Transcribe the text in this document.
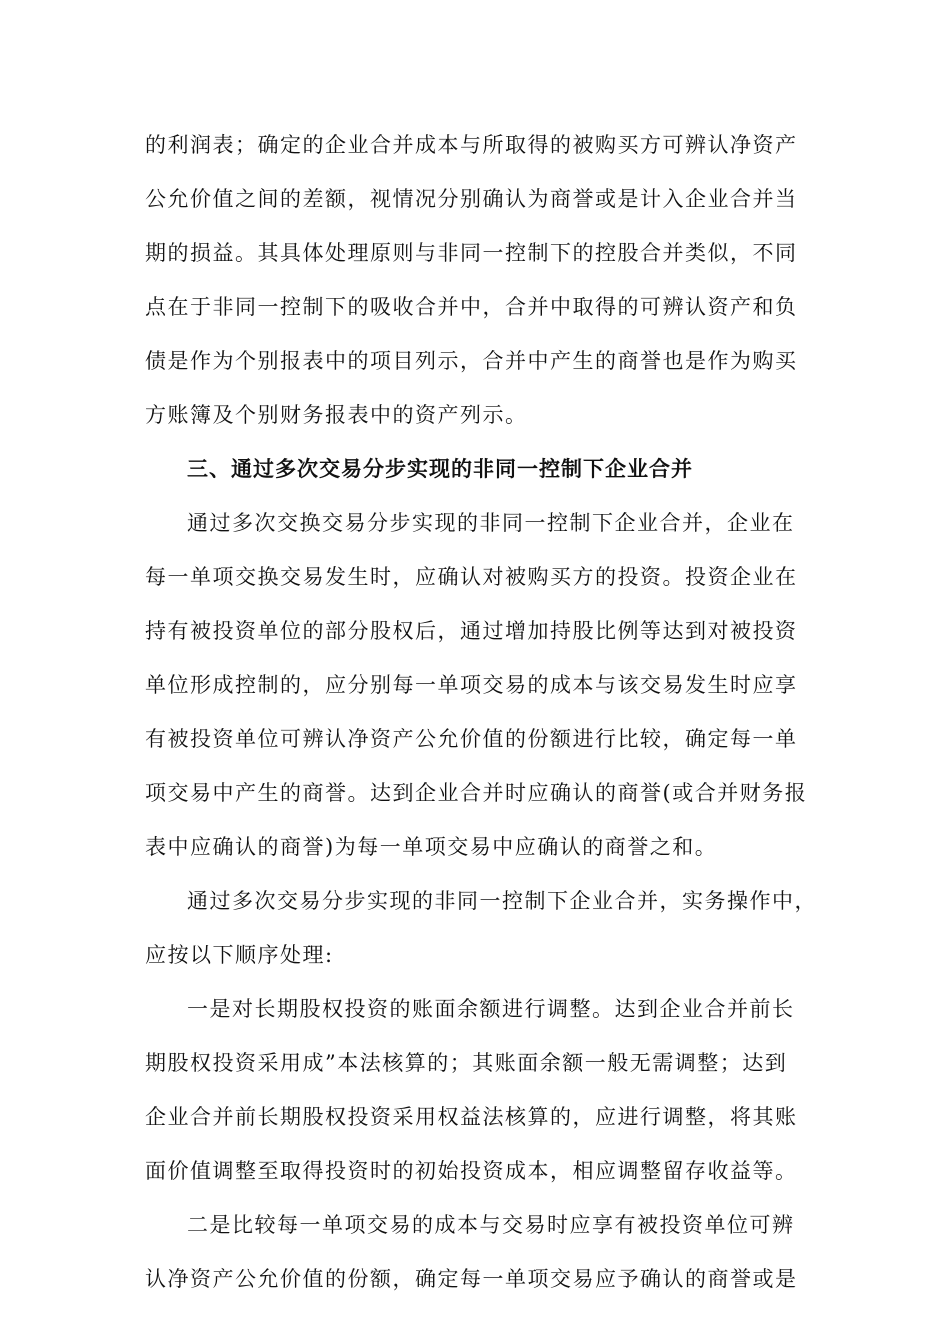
的利润表；确定的企业合并成本与所取得的被购买方可辨认净资产
公允价值之间的差额，视情况分别确认为商誉或是计入企业合并当
期的损益。其具体处理原则与非同一控制下的控股合并类似，不同
点在于非同一控制下的吸收合并中，合并中取得的可辨认资产和负
债是作为个别报表中的项目列示，合并中产生的商誉也是作为购买
方账簿及个别财务报表中的资产列示。
三、通过多次交易分步实现的非同一控制下企业合并
通过多次交换交易分步实现的非同一控制下企业合并，企业在
每一单项交换交易发生时，应确认对被购买方的投资。投资企业在
持有被投资单位的部分股权后，通过增加持股比例等达到对被投资
单位形成控制的，应分别每一单项交易的成本与该交易发生时应享
有被投资单位可辨认净资产公允价值的份额进行比较，确定每一单
项交易中产生的商誉。达到企业合并时应确认的商誉(或合并财务报
表中应确认的商誉)为每一单项交易中应确认的商誉之和。
通过多次交易分步实现的非同一控制下企业合并，实务操作中，
应按以下顺序处理:
一是对长期股权投资的账面余额进行调整。达到企业合并前长
期股权投资采用成”本法核算的；其账面余额一般无需调整；达到
企业合并前长期股权投资采用权益法核算的，应进行调整，将其账
面价值调整至取得投资时的初始投资成本，相应调整留存收益等。
二是比较每一单项交易的成本与交易时应享有被投资单位可辨
认净资产公允价值的份额，确定每一单项交易应予确认的商誉或是
